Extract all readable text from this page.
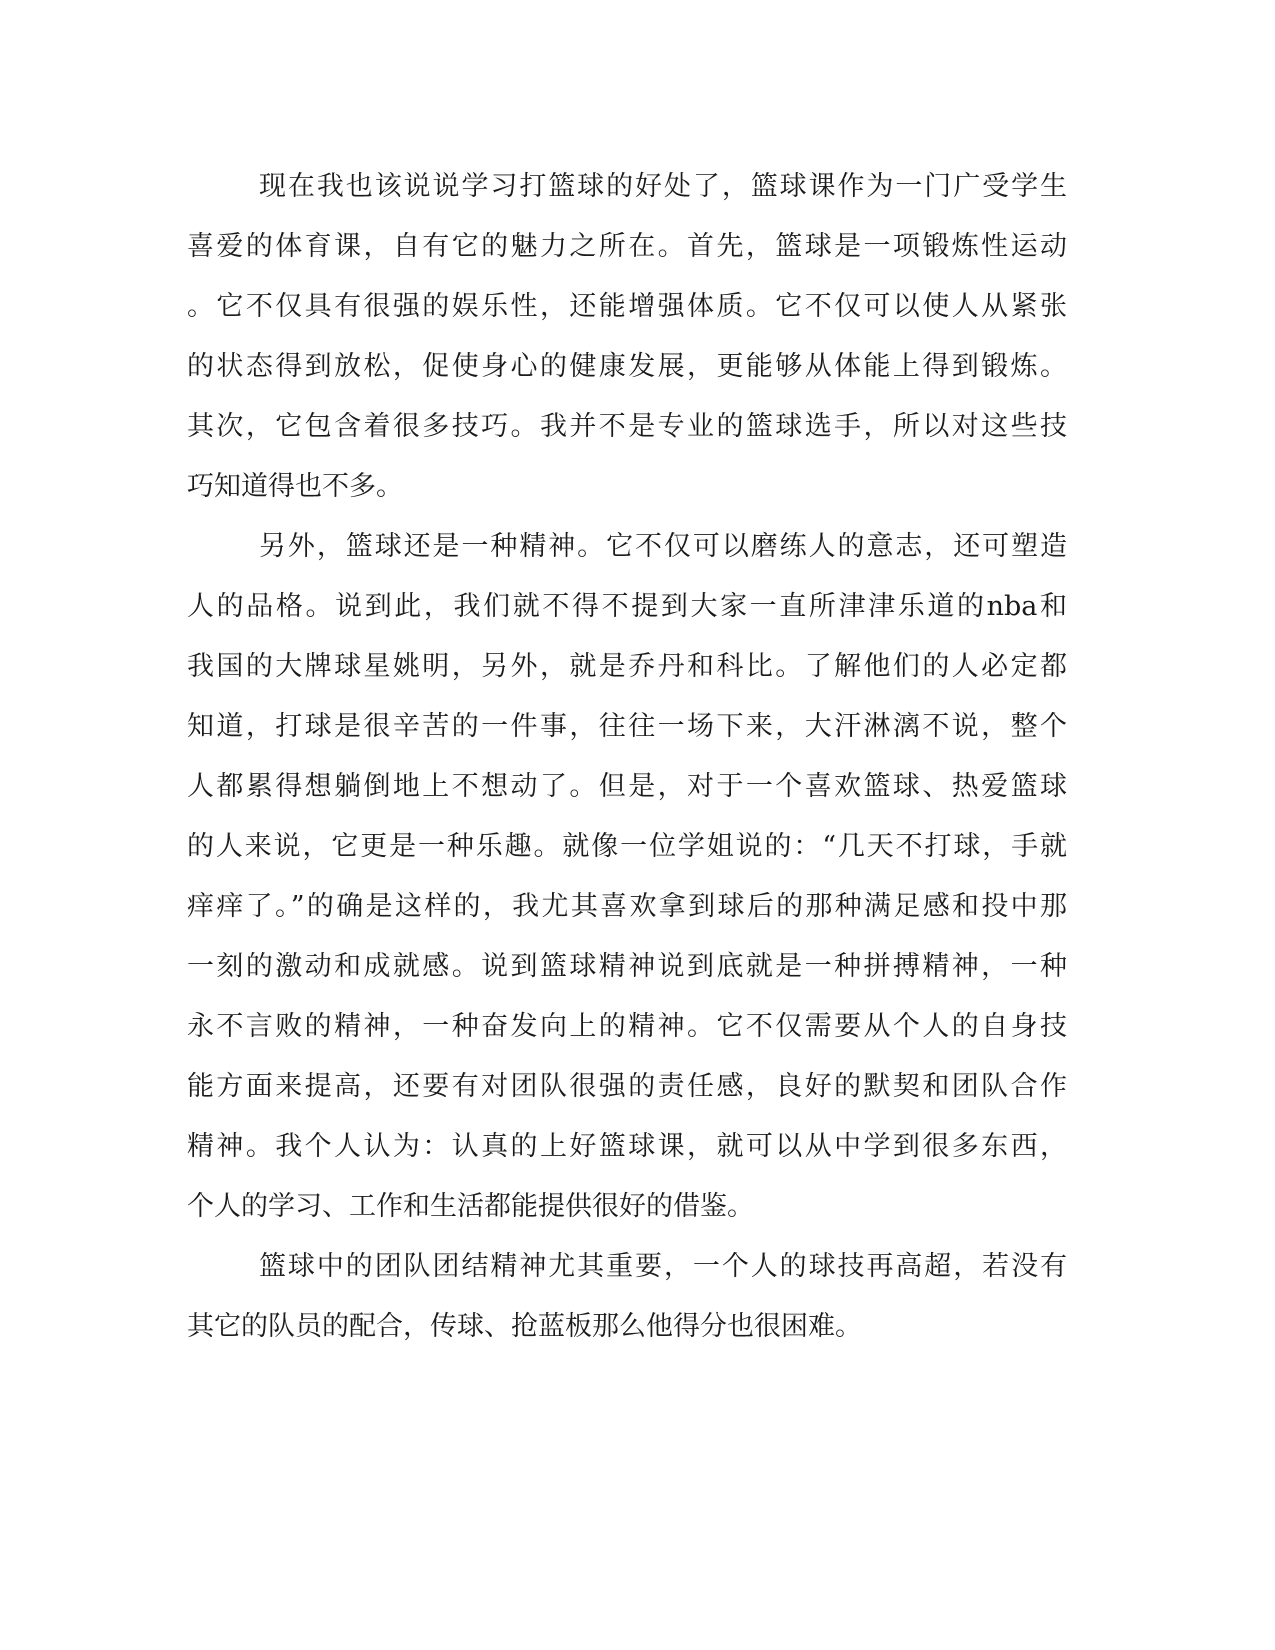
现在我也该说说学习打篮球的好处了，篮球课作为一门广受学生
喜爱的体育课，自有它的魅力之所在。首先，篮球是一项锻炼性运动
。它不仅具有很强的娱乐性，还能增强体质。它不仅可以使人从紧张
的状态得到放松，促使身心的健康发展，更能够从体能上得到锻炼。
其次，它包含着很多技巧。我并不是专业的篮球选手，所以对这些技
巧知道得也不多。
另外，篮球还是一种精神。它不仅可以磨练人的意志，还可塑造
人的品格。说到此，我们就不得不提到大家一直所津津乐道的nba和
我国的大牌球星姚明，另外，就是乔丹和科比。了解他们的人必定都
知道，打球是很辛苦的一件事，往往一场下来，大汗淋漓不说，整个
人都累得想躺倒地上不想动了。但是，对于一个喜欢篮球、热爱篮球
的人来说，它更是一种乐趣。就像一位学姐说的：“几天不打球，手就
痒痒了。”的确是这样的，我尤其喜欢拿到球后的那种满足感和投中那
一刻的激动和成就感。说到篮球精神说到底就是一种拼搏精神，一种
永不言败的精神，一种奋发向上的精神。它不仅需要从个人的自身技
能方面来提高，还要有对团队很强的责任感，良好的默契和团队合作
精神。我个人认为：认真的上好篮球课，就可以从中学到很多东西，
个人的学习、工作和生活都能提供很好的借鉴。
篮球中的团队团结精神尤其重要，一个人的球技再高超，若没有
其它的队员的配合，传球、抢蓝板那么他得分也很困难。
